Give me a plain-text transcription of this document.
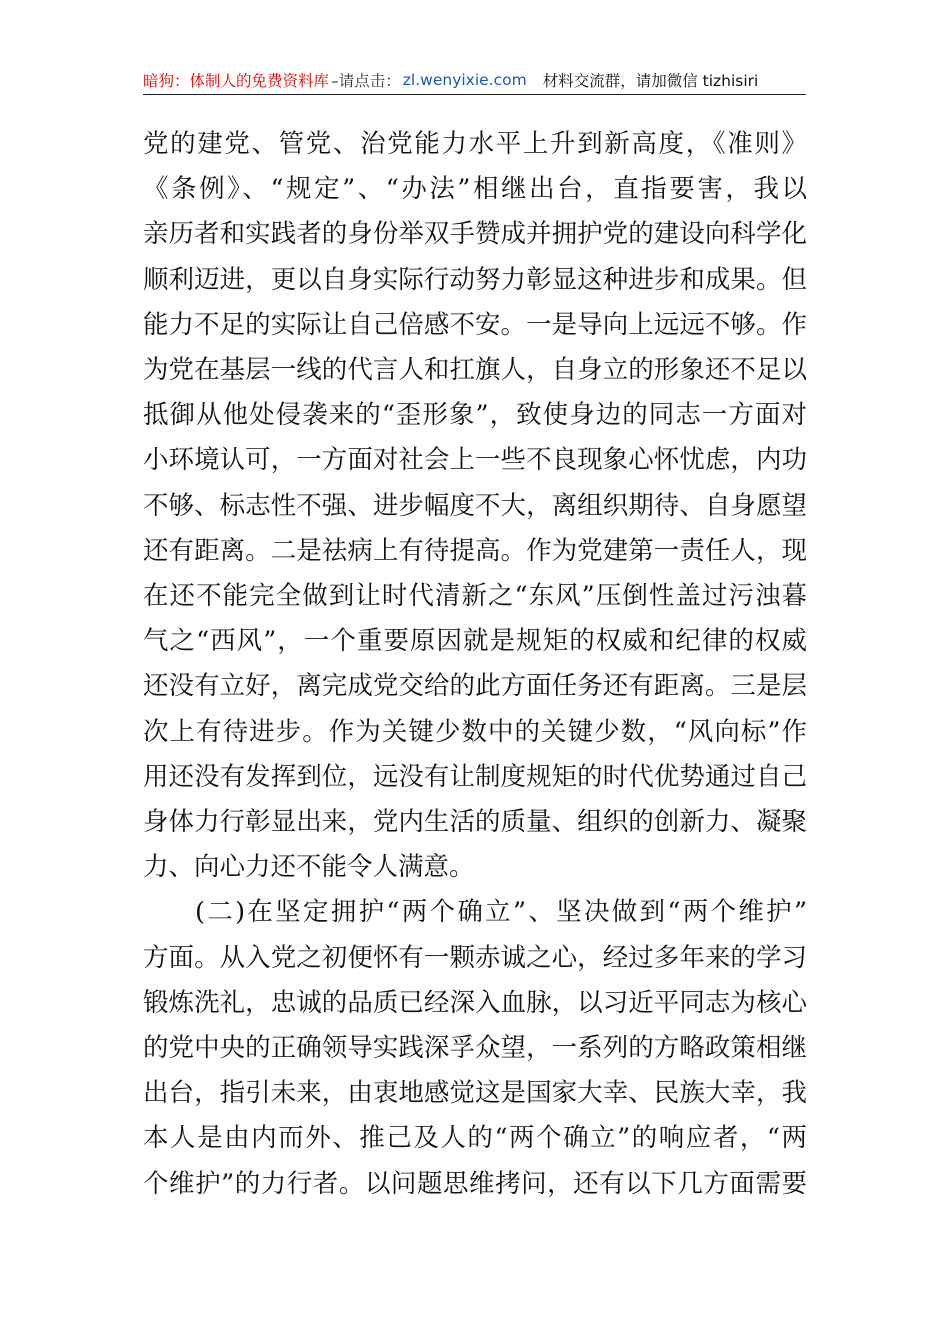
暗狗：体制人的免费资料库 –请点击： zl.wenyixie.com 材料交流群，请加微信 tizhisiri

党的建党、管党、治党能力水平上升到新高度，《准则》
《条例》、“规定”、“办法”相继出台，直指要害，我以
亲历者和实践者的身份举双手赞成并拥护党的建设向科学化
顺利迈进，更以自身实际行动努力彰显这种进步和成果。但
能力不足的实际让自己倍感不安。一是导向上远远不够。作
为党在基层一线的代言人和扛旗人，自身立的形象还不足以
抵御从他处侵袭来的“歪形象”，致使身边的同志一方面对
小环境认可，一方面对社会上一些不良现象心怀忧虑，内功
不够、标志性不强、进步幅度不大，离组织期待、自身愿望
还有距离。二是祛病上有待提高。作为党建第一责任人，现
在还不能完全做到让时代清新之“东风”压倒性盖过污浊暮
气之“西风”，一个重要原因就是规矩的权威和纪律的权威
还没有立好，离完成党交给的此方面任务还有距离。三是层
次上有待进步。作为关键少数中的关键少数，“风向标”作
用还没有发挥到位，远没有让制度规矩的时代优势通过自己
身体力行彰显出来，党内生活的质量、组织的创新力、凝聚
力、向心力还不能令人满意。

(二)在坚定拥护“两个确立”、坚决做到“两个维护”
方面。从入党之初便怀有一颗赤诚之心，经过多年来的学习
锻炼洗礼，忠诚的品质已经深入血脉，以习近平同志为核心
的党中央的正确领导实践深孚众望，一系列的方略政策相继
出台，指引未来，由衷地感觉这是国家大幸、民族大幸，我
本人是由内而外、推己及人的“两个确立”的响应者，“两
个维护”的力行者。以问题思维拷问，还有以下几方面需要
